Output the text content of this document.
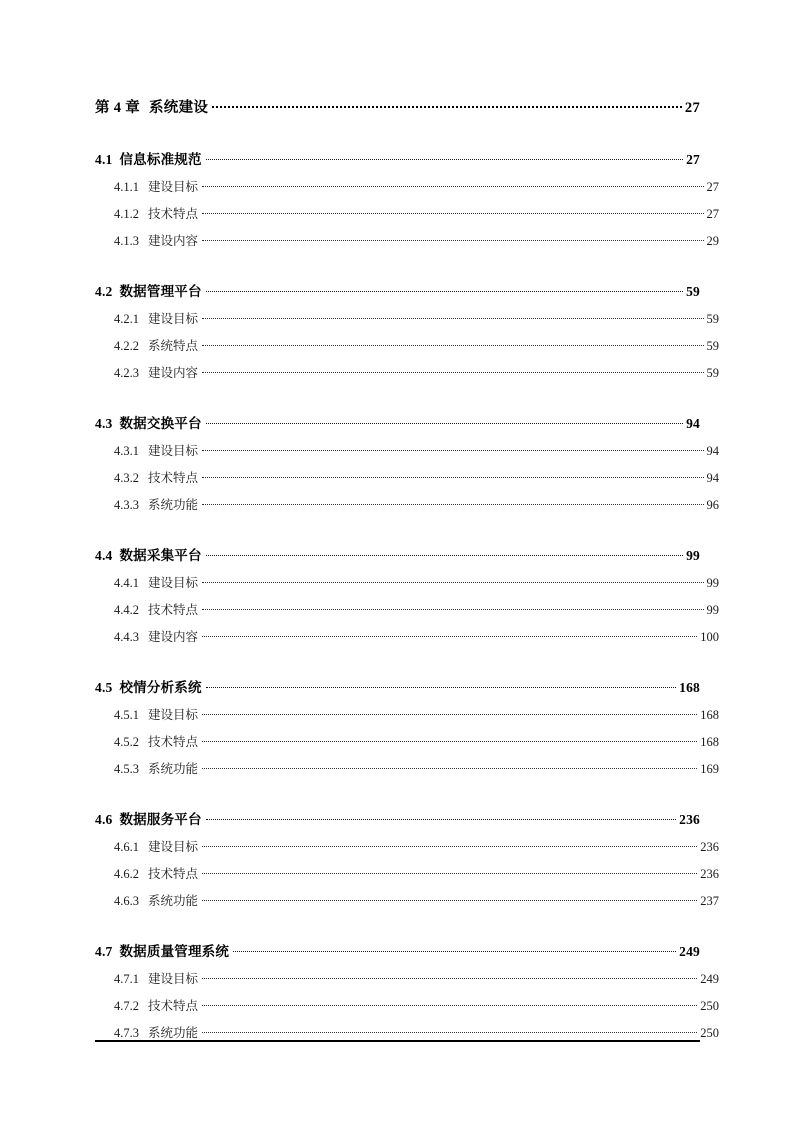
第 4 章 系统建设	27
4.1 信息标准规范	27
4.1.1 建设目标	27
4.1.2 技术特点	27
4.1.3 建设内容	29
4.2 数据管理平台	59
4.2.1 建设目标	59
4.2.2 系统特点	59
4.2.3 建设内容	59
4.3 数据交换平台	94
4.3.1 建设目标	94
4.3.2 技术特点	94
4.3.3 系统功能	96
4.4 数据采集平台	99
4.4.1 建设目标	99
4.4.2 技术特点	99
4.4.3 建设内容	100
4.5 校情分析系统	168
4.5.1 建设目标	168
4.5.2 技术特点	168
4.5.3 系统功能	169
4.6 数据服务平台	236
4.6.1 建设目标	236
4.6.2 技术特点	236
4.6.3 系统功能	237
4.7 数据质量管理系统	249
4.7.1 建设目标	249
4.7.2 技术特点	250
4.7.3 系统功能	250
